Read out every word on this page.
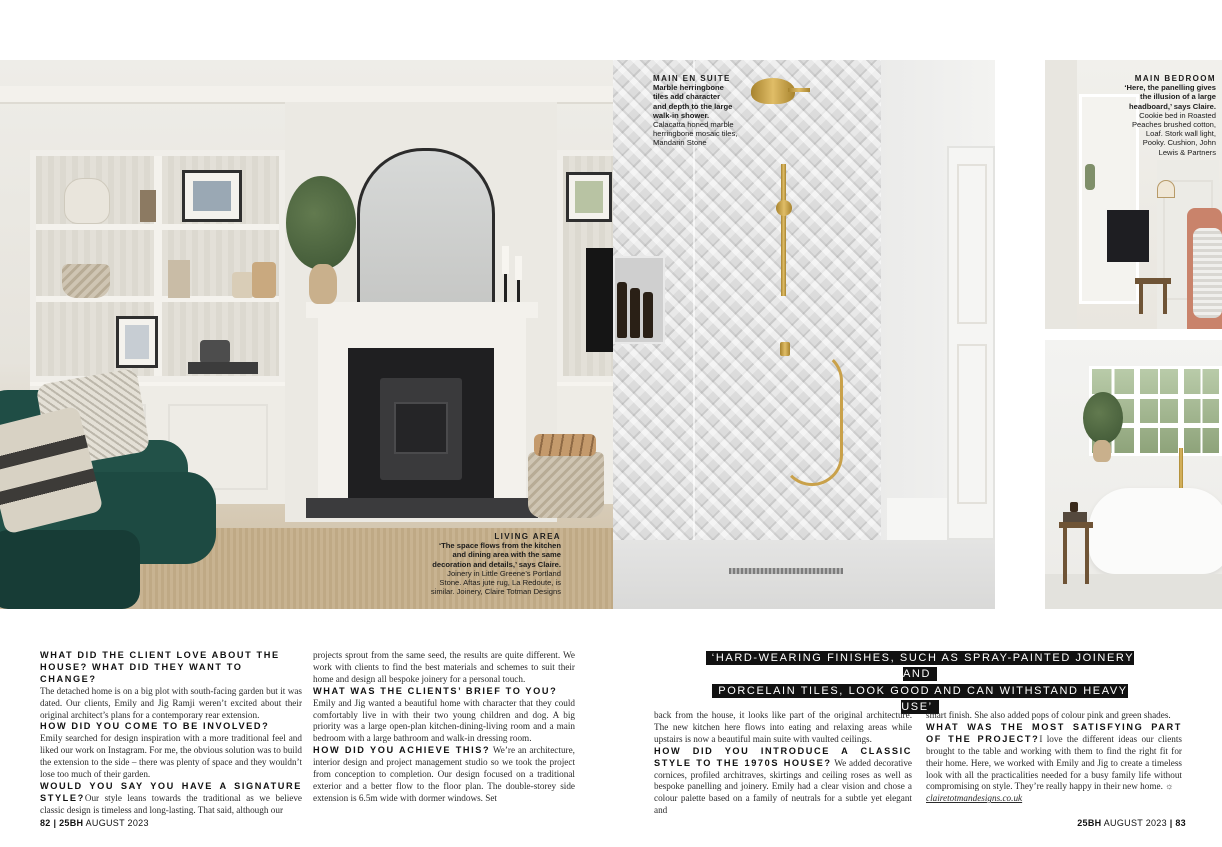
LIVING AREA
‘The space flows from the kitchen
and dining area with the same
decoration and details,’ says Claire.
Joinery in Little Greene’s Portland
Stone. Aftas jute rug, La Redoute, is
similar. Joinery, Claire Totman Designs
MAIN EN SUITE
Marble herringbone
tiles add character
and depth to the large
walk-in shower.
Calacatta honed marble
herringbone mosaic tiles,
Mandarin Stone
MAIN BEDROOM
‘Here, the panelling gives
the illusion of a large
headboard,’ says Claire.
Cookie bed in Roasted
Peaches brushed cotton,
Loaf. Stork wall light,
Pooky. Cushion, John
Lewis & Partners
‘HARD-WEARING FINISHES, SUCH AS SPRAY-PAINTED JOINERY AND
PORCELAIN TILES, LOOK GOOD AND CAN WITHSTAND HEAVY USE’

WHAT DID THE CLIENT LOVE ABOUT THE HOUSE? WHAT DID THEY WANT TO CHANGE?

The detached home is on a big plot with south-facing garden but it was dated. Our clients, Emily and Jig Ramji weren’t excited about their original architect’s plans for a contemporary rear extension.

HOW DID YOU COME TO BE INVOLVED?

Emily searched for design inspiration with a more traditional feel and liked our work on Instagram. For me, the obvious solution was to build the extension to the side – there was plenty of space and they wouldn’t lose too much of their garden.

WOULD YOU SAY YOU HAVE A SIGNATURE STYLE?Our style leans towards the traditional as we believe classic design is timeless and long-lasting. That said, although our

projects sprout from the same seed, the results are quite different. We work with clients to find the best materials and schemes to suit their home and design all bespoke joinery for a personal touch.

WHAT WAS THE CLIENTS’ BRIEF TO YOU?

Emily and Jig wanted a beautiful home with character that they could comfortably live in with their two young children and dog. A big priority was a large open-plan kitchen-dining-living room and a main bedroom with a large bathroom and walk-in dressing room.

HOW DID YOU ACHIEVE THIS? We’re an architecture, interior design and project management studio so we took the project from conception to completion. Our design focused on a traditional exterior and a better flow to the floor plan. The double-storey side extension is 6.5m wide with dormer windows. Set

back from the house, it looks like part of the original architecture. The new kitchen here flows into eating and relaxing areas while upstairs is now a beautiful main suite with vaulted ceilings.

HOW DID YOU INTRODUCE A CLASSIC STYLE TO THE 1970S HOUSE? We added decorative cornices, profiled architraves, skirtings and ceiling roses as well as bespoke panelling and joinery. Emily had a clear vision and chose a colour palette based on a family of neutrals for a subtle yet elegant and

smart finish. She also added pops of colour pink and green shades.

WHAT WAS THE MOST SATISFYING PART OF THE PROJECT?I love the different ideas our clients brought to the table and working with them to find the right fit for their home. Here, we worked with Emily and Jig to create a timeless look with all the practicalities needed for a busy family life without compromising on style. They’re really happy in their new home. ☼

clairetotmandesigns.co.uk

82 | 25BH AUGUST 2023	25BH AUGUST 2023 | 83
